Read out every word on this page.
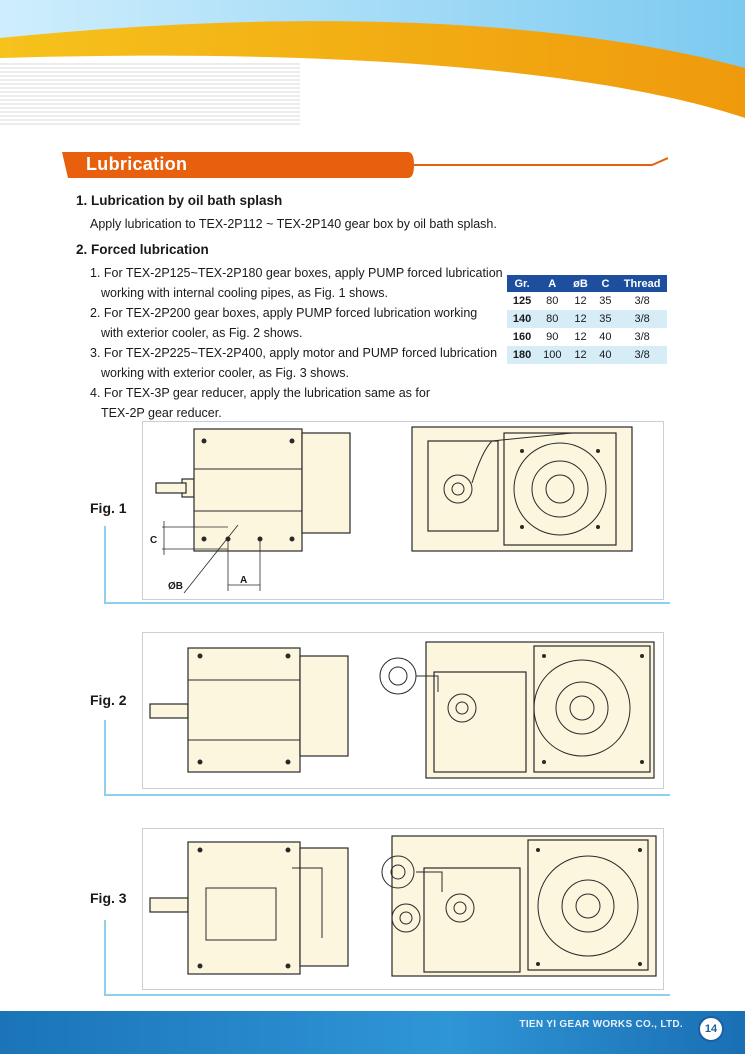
Lubrication
1. Lubrication by oil bath splash
Apply lubrication to TEX-2P112 ~ TEX-2P140 gear box by oil bath splash.
2. Forced lubrication
1. For TEX-2P125~TEX-2P180 gear boxes, apply PUMP forced lubrication
working with internal cooling pipes, as Fig. 1 shows.
2. For TEX-2P200 gear boxes, apply PUMP forced lubrication working
with exterior cooler, as Fig. 2 shows.
3. For TEX-2P225~TEX-2P400, apply motor and PUMP forced lubrication
working with exterior cooler, as Fig. 3 shows.
4. For TEX-3P gear reducer, apply the lubrication same as for
TEX-2P gear reducer.
Gr.	A	øB	C	Thread
125	80	12	35	3/8
140	80	12	35	3/8
160	90	12	40	3/8
180	100	12	40	3/8
Fig. 1
C
ØB
A
Fig. 2
Fig. 3
TIEN YI GEAR WORKS CO., LTD.	14
